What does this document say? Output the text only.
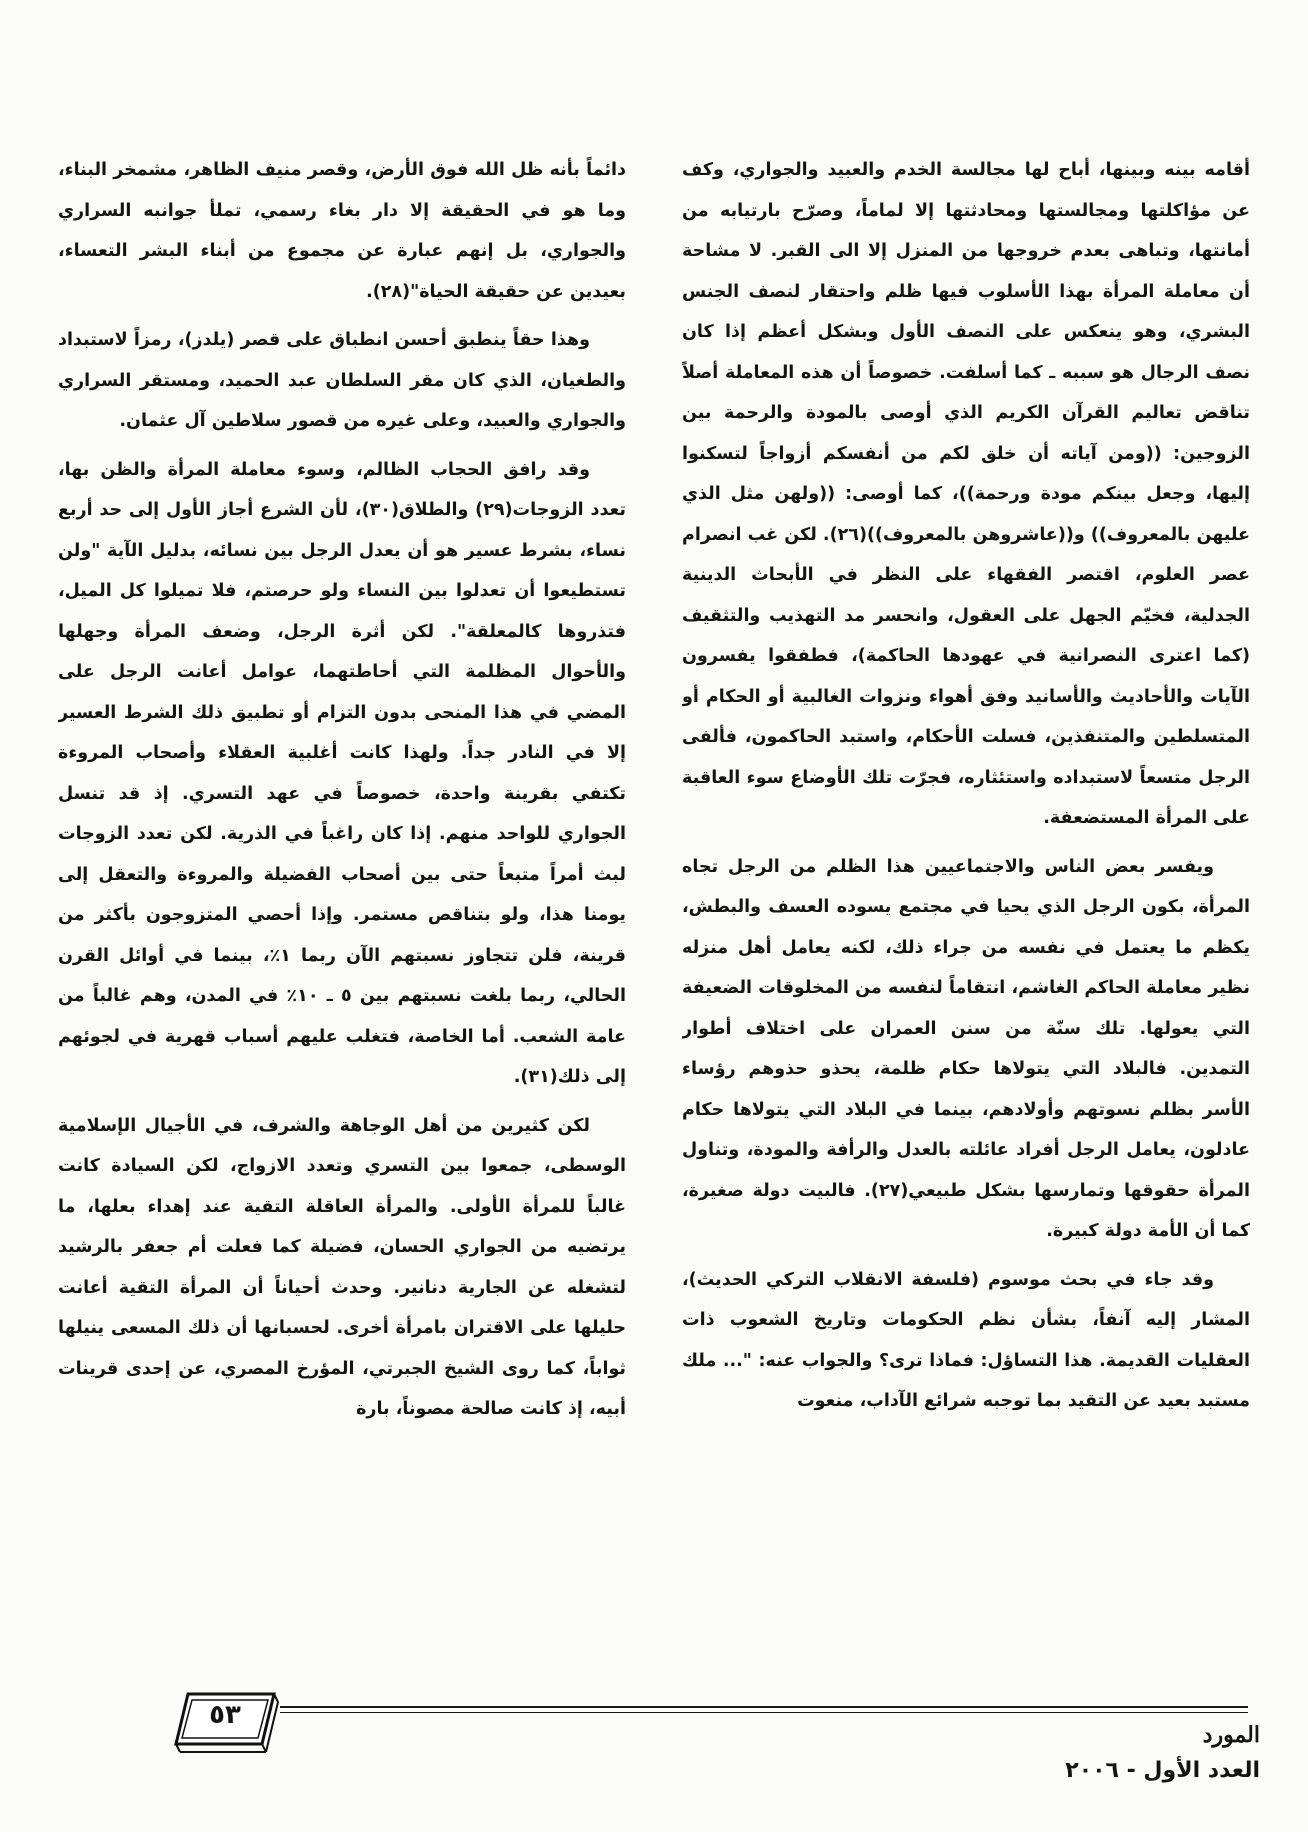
أقامه بينه وبينها، أباح لها مجالسة الخدم والعبيد والجواري، وكف عن مؤاكلتها ومجالستها ومحادثتها إلا لماماً، وصرّح بارتيابه من أمانتها، وتباهى بعدم خروجها من المنزل إلا الى القبر. لا مشاحة أن معاملة المرأة بهذا الأسلوب فيها ظلم واحتقار لنصف الجنس البشري، وهو ينعكس على النصف الأول وبشكل أعظم إذا كان نصف الرجال هو سببه ـ كما أسلفت. خصوصاً أن هذه المعاملة أصلاً تناقض تعاليم القرآن الكريم الذي أوصى بالمودة والرحمة بين الزوجين: ((ومن آياته أن خلق لكم من أنفسكم أزواجاً لتسكنوا إليها، وجعل بينكم مودة ورحمة))، كما أوصى: ((ولهن مثل الذي عليهن بالمعروف)) و((عاشروهن بالمعروف))(٢٦). لكن غب انصرام عصر العلوم، اقتصر الفقهاء على النظر في الأبحاث الدينية الجدلية، فخيّم الجهل على العقول، وانحسر مد التهذيب والتثقيف (كما اعترى النصرانية في عهودها الحاكمة)، فطفقوا يفسرون الآيات والأحاديث والأسانيد وفق أهواء ونزوات الغالبية أو الحكام أو المتسلطين والمتنفذين، فسلت الأحكام، واستبد الحاكمون، فألفى الرجل متسعاً لاستبداده واستئثاره، فجرّت تلك الأوضاع سوء العاقبة على المرأة المستضعفة.

ويفسر بعض الناس والاجتماعيين هذا الظلم من الرجل تجاه المرأة، بكون الرجل الذي يحيا في مجتمع يسوده العسف والبطش، يكظم ما يعتمل في نفسه من جراء ذلك، لكنه يعامل أهل منزله نظير معاملة الحاكم الغاشم، انتقاماً لنفسه من المخلوقات الضعيفة التي يعولها. تلك سنّة من سنن العمران على اختلاف أطوار التمدين. فالبلاد التي يتولاها حكام ظلمة، يحذو حذوهم رؤساء الأسر بظلم نسوتهم وأولادهم، بينما في البلاد التي يتولاها حكام عادلون، يعامل الرجل أفراد عائلته بالعدل والرأفة والمودة، وتناول المرأة حقوقها وتمارسها بشكل طبيعي(٢٧). فالبيت دولة صغيرة، كما أن الأمة دولة كبيرة.

وقد جاء في بحث موسوم (فلسفة الانقلاب التركي الحديث)، المشار إليه آنفاً، بشأن نظم الحكومات وتاريخ الشعوب ذات العقليات القديمة. هذا التساؤل: فماذا ترى؟ والجواب عنه: "... ملك مستبد بعيد عن التقيد بما توجبه شرائع الآداب، منعوت

دائماً بأنه ظل الله فوق الأرض، وقصر منيف الظاهر، مشمخر البناء، وما هو في الحقيقة إلا دار بغاء رسمي، تملأ جوانبه السراري والجواري، بل إنهم عبارة عن مجموع من أبناء البشر التعساء، بعيدين عن حقيقة الحياة"(٢٨).

وهذا حقاً ينطبق أحسن انطباق على قصر (يلدز)، رمزاً لاستبداد والطغيان، الذي كان مقر السلطان عبد الحميد، ومستقر السراري والجواري والعبيد، وعلى غيره من قصور سلاطين آل عثمان.

وقد رافق الحجاب الظالم، وسوء معاملة المرأة والظن بها، تعدد الزوجات(٢٩) والطلاق(٣٠)، لأن الشرع أجاز الأول إلى حد أربع نساء، بشرط عسير هو أن يعدل الرجل بين نسائه، بدليل الآية "ولن تستطيعوا أن تعدلوا بين النساء ولو حرصتم، فلا تميلوا كل الميل، فتذروها كالمعلقة". لكن أثرة الرجل، وضعف المرأة وجهلها والأحوال المظلمة التي أحاطتهما، عوامل أعانت الرجل على المضي في هذا المنحى بدون التزام أو تطبيق ذلك الشرط العسير إلا في النادر جداً. ولهذا كانت أغلبية العقلاء وأصحاب المروءة تكتفي بقرينة واحدة، خصوصاً في عهد التسري. إذ قد تنسل الجواري للواحد منهم. إذا كان راغباً في الذرية. لكن تعدد الزوجات لبث أمراً متبعاً حتى بين أصحاب الفضيلة والمروءة والتعقل إلى يومنا هذا، ولو بتناقص مستمر. وإذا أحصي المتزوجون بأكثر من قرينة، فلن تتجاوز نسبتهم الآن ربما ١٪، بينما في أوائل القرن الحالي، ربما بلغت نسبتهم بين ٥ ـ ١٠٪ في المدن، وهم غالباً من عامة الشعب. أما الخاصة، فتغلب عليهم أسباب قهرية في لجوئهم إلى ذلك(٣١).

لكن كثيرين من أهل الوجاهة والشرف، في الأجيال الإسلامية الوسطى، جمعوا بين التسري وتعدد الازواج، لكن السيادة كانت غالباً للمرأة الأولى. والمرأة العاقلة التقية عند إهداء بعلها، ما يرتضيه من الجواري الحسان، فضيلة كما فعلت أم جعفر بالرشيد لتشغله عن الجارية دنانير. وحدث أحياناً أن المرأة التقية أعانت حليلها على الاقتران بامرأة أخرى. لحسبانها أن ذلك المسعى ينيلها ثواباً، كما روى الشيخ الجبرتي، المؤرخ المصري، عن إحدى قرينات أبيه، إذ كانت صالحة مصوناً، بارة

٥٣
المورد
العدد الأول - ٢٠٠٦
